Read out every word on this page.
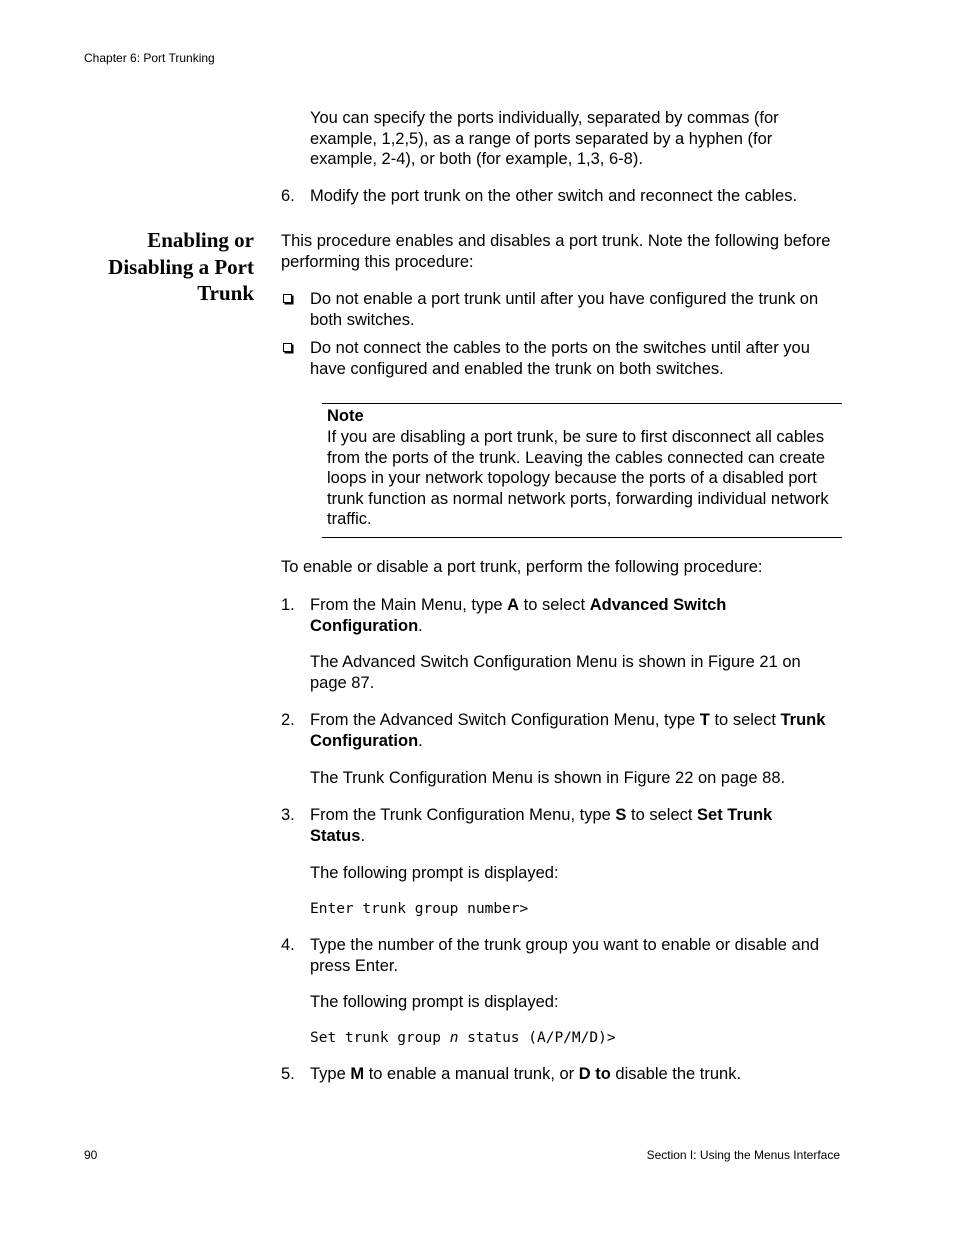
Chapter 6: Port Trunking
You can specify the ports individually, separated by commas (for example, 1,2,5), as a range of ports separated by a hyphen (for example, 2-4), or both (for example, 1,3, 6-8).
6. Modify the port trunk on the other switch and reconnect the cables.
Enabling or
Disabling a Port
Trunk
This procedure enables and disables a port trunk. Note the following before performing this procedure:
Do not enable a port trunk until after you have configured the trunk on both switches.
Do not connect the cables to the ports on the switches until after you have configured and enabled the trunk on both switches.
Note
If you are disabling a port trunk, be sure to first disconnect all cables from the ports of the trunk. Leaving the cables connected can create loops in your network topology because the ports of a disabled port trunk function as normal network ports, forwarding individual network traffic.
To enable or disable a port trunk, perform the following procedure:
1. From the Main Menu, type A to select Advanced Switch Configuration.
The Advanced Switch Configuration Menu is shown in Figure 21 on page 87.
2. From the Advanced Switch Configuration Menu, type T to select Trunk Configuration.
The Trunk Configuration Menu is shown in Figure 22 on page 88.
3. From the Trunk Configuration Menu, type S to select Set Trunk Status.
The following prompt is displayed:
Enter trunk group number>
4. Type the number of the trunk group you want to enable or disable and press Enter.
The following prompt is displayed:
Set trunk group n status (A/P/M/D)>
5. Type M to enable a manual trunk, or D to disable the trunk.
90	Section I: Using the Menus Interface
